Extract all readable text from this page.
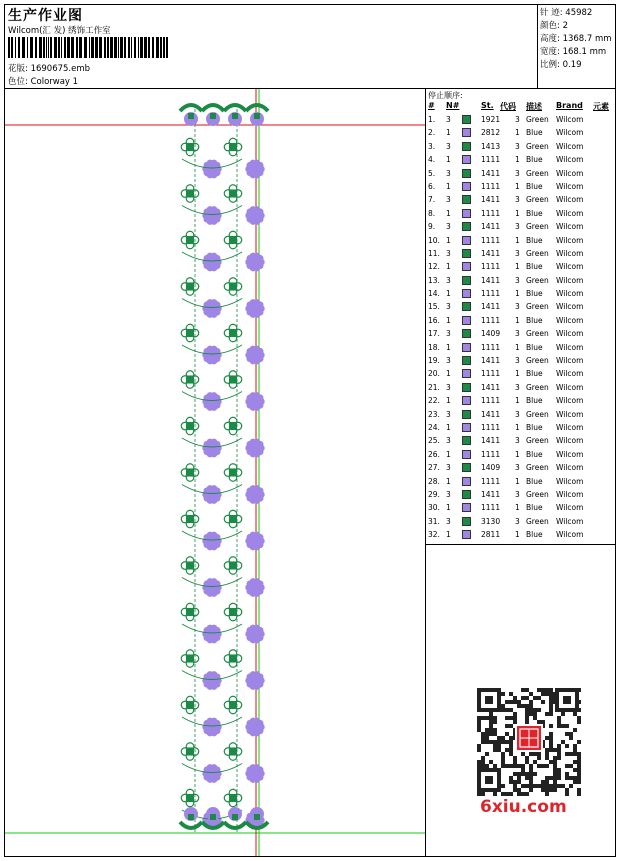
生产作业图
Wilcom(汇 发) 绣饰工作室
花版: 1690675.emb
色位: Colorway 1
针 迹: 45982
颜色: 2
高度: 1368.7 mm
宽度: 168.1 mm
比例: 0.19
停止顺序:
# N#	St. 代码 描述 Brand 元素
1. 3	1921 3 Green Wilcom
2. 1	2812 1 Blue Wilcom
3. 3	1413 3 Green Wilcom
4. 1	1111 1 Blue Wilcom
5. 3	1411 3 Green Wilcom
6. 1	1111 1 Blue Wilcom
7. 3	1411 3 Green Wilcom
8. 1	1111 1 Blue Wilcom
9. 3	1411 3 Green Wilcom
10. 1	1111 1 Blue Wilcom
11. 3	1411 3 Green Wilcom
12. 1	1111 1 Blue Wilcom
13. 3	1411 3 Green Wilcom
14. 1	1111 1 Blue Wilcom
15. 3	1411 3 Green Wilcom
16. 1	1111 1 Blue Wilcom
17. 3	1409 3 Green Wilcom
18. 1	1111 1 Blue Wilcom
19. 3	1411 3 Green Wilcom
20. 1	1111 1 Blue Wilcom
21. 3	1411 3 Green Wilcom
22. 1	1111 1 Blue Wilcom
23. 3	1411 3 Green Wilcom
24. 1	1111 1 Blue Wilcom
25. 3	1411 3 Green Wilcom
26. 1	1111 1 Blue Wilcom
27. 3	1409 3 Green Wilcom
28. 1	1111 1 Blue Wilcom
29. 3	1411 3 Green Wilcom
30. 1	1111 1 Blue Wilcom
31. 3	3130 3 Green Wilcom
32. 1	2811 1 Blue Wilcom
6xiu.com
